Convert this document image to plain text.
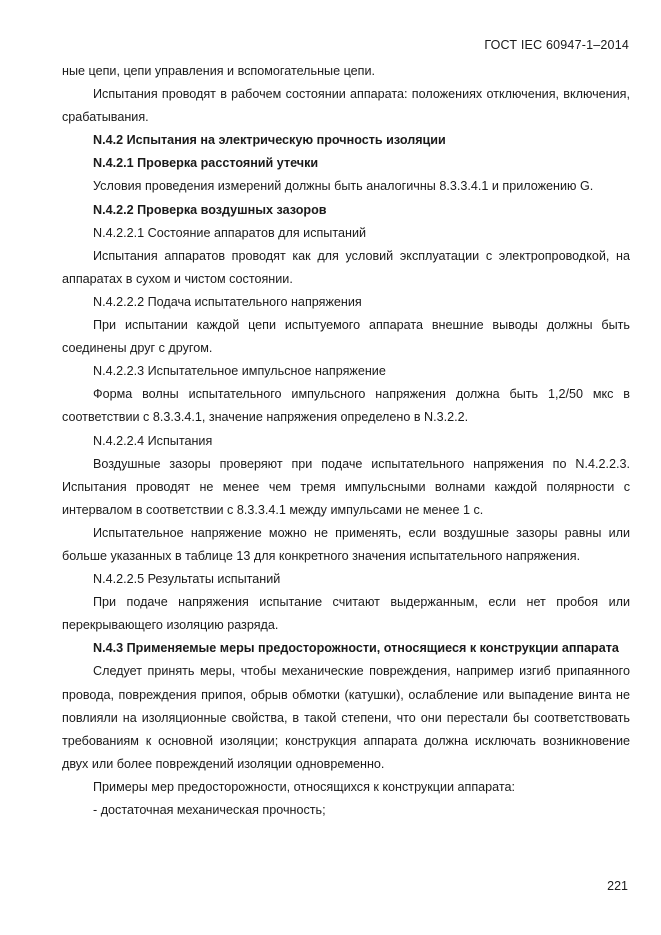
ГОСТ IEC 60947-1–2014

ные цепи, цепи управления и вспомогательные цепи.

Испытания проводят в рабочем состоянии аппарата: положениях отключения, включения, срабатывания.

N.4.2 Испытания на электрическую прочность изоляции

N.4.2.1 Проверка расстояний утечки

Условия проведения измерений должны быть аналогичны 8.3.3.4.1 и приложению G.

N.4.2.2 Проверка воздушных зазоров

N.4.2.2.1 Состояние аппаратов для испытаний

Испытания аппаратов проводят как для условий эксплуатации с электропроводкой, на аппаратах в сухом и чистом состоянии.

N.4.2.2.2 Подача испытательного напряжения

При испытании каждой цепи испытуемого аппарата внешние выводы должны быть соединены друг с другом.

N.4.2.2.3 Испытательное импульсное напряжение

Форма волны испытательного импульсного напряжения должна быть 1,2/50 мкс в соответствии с 8.3.3.4.1, значение напряжения определено в N.3.2.2.

N.4.2.2.4 Испытания

Воздушные зазоры проверяют при подаче испытательного напряжения по N.4.2.2.3. Испытания проводят не менее чем тремя импульсными волнами каждой полярности с интервалом в соответствии с 8.3.3.4.1 между импульсами не менее 1 с.

Испытательное напряжение можно не применять, если воздушные зазоры равны или больше указанных в таблице 13 для конкретного значения испытательного напряжения.

N.4.2.2.5 Результаты испытаний

При подаче напряжения испытание считают выдержанным, если нет пробоя или перекрывающего изоляцию разряда.

N.4.3 Применяемые меры предосторожности, относящиеся к конструкции аппарата

Следует принять меры, чтобы механические повреждения, например изгиб припаянного провода, повреждения припоя, обрыв обмотки (катушки), ослабление или выпадение винта не повлияли на изоляционные свойства, в такой степени, что они перестали бы соответствовать требованиям к основной изоляции; конструкция аппарата должна исключать возникновение двух или более повреждений изоляции одновременно.

Примеры мер предосторожности, относящихся к конструкции аппарата:

- достаточная механическая прочность;

221
